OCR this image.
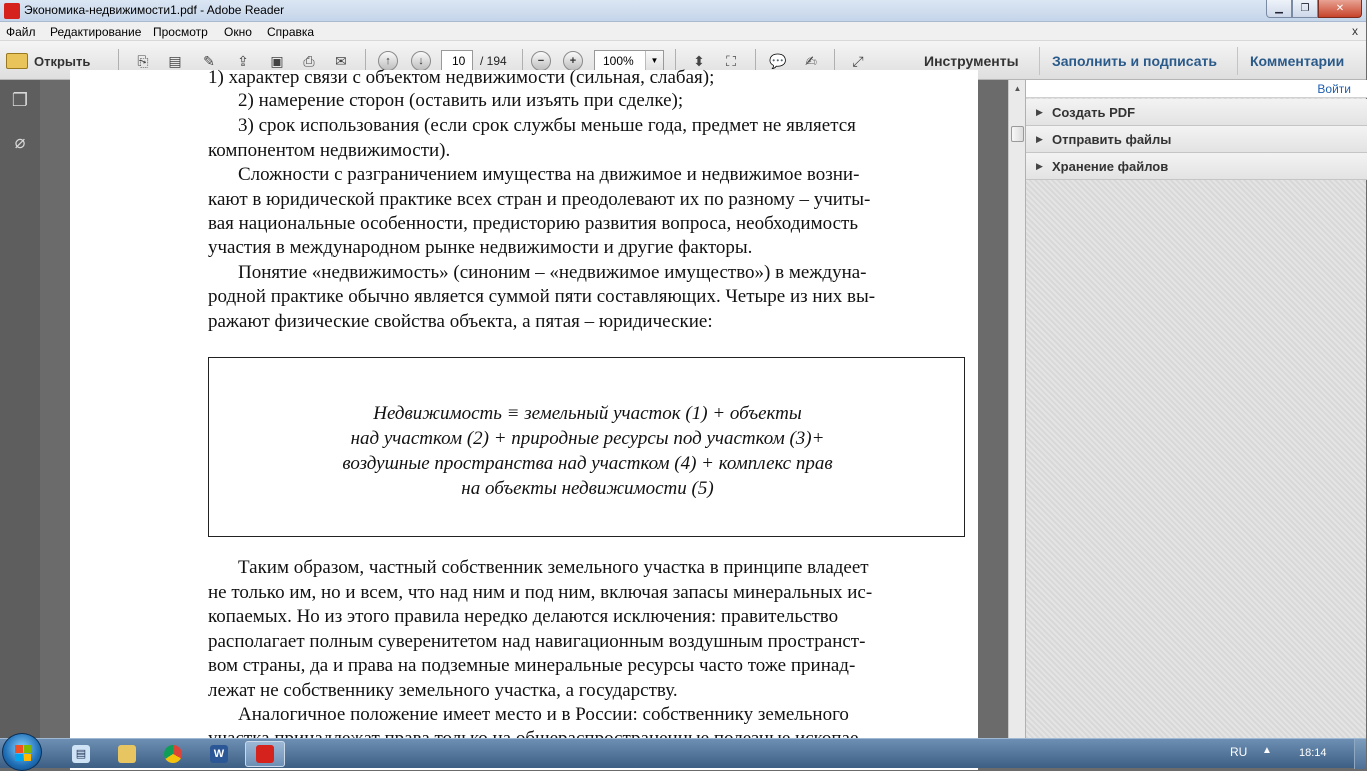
Экономика-недвижимости1.pdf - Adobe Reader	▁	❐	✕
Файл Редактирование Просмотр Окно Справка	x
Открыть	⎘	▤	✎	⇪	▣	⎙	✉	↑	↓	10	/ 194	−	+	100%	▼	⬍	⛶	💬	✍	⤢	Инструменты Заполнить и подписать Комментарии
❐
⌀
1) характер связи с объектом недвижимости (сильная, слабая);
2) намерение сторон (оставить или изъять при сделке);
3) срок использования (если срок службы меньше года, предмет не является
компонентом недвижимости).
Сложности с разграничением имущества на движимое и недвижимое возни-
кают в юридической практике всех стран и преодолевают их по разному – учиты-
вая национальные особенности, предисторию развития вопроса, необходимость
участия в международном рынке недвижимости и другие факторы.
Понятие «недвижимость» (синоним – «недвижимое имущество») в междуна-
родной практике обычно является суммой пяти составляющих. Четыре из них вы-
ражают физические свойства объекта, а пятая – юридические:
Недвижимость ≡ земельный участок (1) + объекты
над участком (2) + природные ресурсы под участком (3)+
воздушные пространства над участком (4) + комплекс прав
на объекты недвижимости (5)
Таким образом, частный собственник земельного участка в принципе владеет
не только им, но и всем, что над ним и под ним, включая запасы минеральных ис-
копаемых. Но из этого правила нередко делаются исключения: правительство
располагает полным суверенитетом над навигационным воздушным пространст-
вом страны, да и права на подземные минеральные ресурсы часто тоже принад-
лежат не собственнику земельного участка, а государству.
Аналогичное положение имеет место и в России: собственнику земельного
▲	Войти
▶ Создать PDF
▶ Отправить файлы
▶ Хранение файлов
▤	W	RU ▲ 18:14
